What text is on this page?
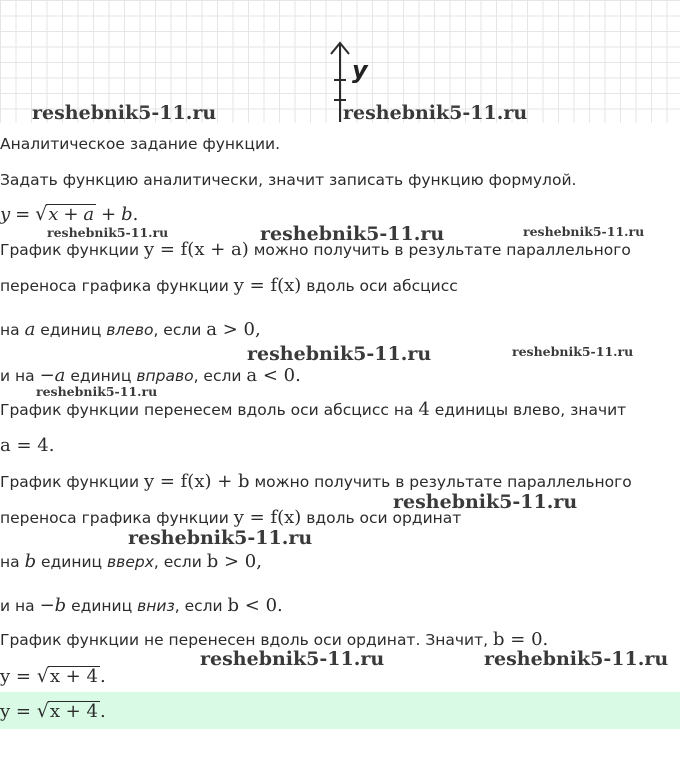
y
Аналитическое задание функции.
Задать функцию аналитически, значит записать функцию формулой.
y = √x + a + b.
График функции y = f(x + a) можно получить в результате параллельного
переноса графика функции y = f(x) вдоль оси абсцисс
на a единиц влево, если a > 0,
и на −a единиц вправо, если a < 0.
График функции перенесем вдоль оси абсцисс на 4 единицы влево, значит
a = 4.
График функции y = f(x) + b можно получить в результате параллельного
переноса графика функции y = f(x) вдоль оси ординат
на b единиц вверх, если b > 0,
и на −b единиц вниз, если b < 0.
График функции не перенесен вдоль оси ординат. Значит, b = 0.
y = √x + 4 .
y = √x + 4 .
reshebnik5-11.ru	reshebnik5-11.ru
reshebnik5-11.ru	reshebnik5-11.ru	reshebnik5-11.ru
reshebnik5-11.ru	reshebnik5-11.ru
reshebnik5-11.ru
reshebnik5-11.ru
reshebnik5-11.ru
reshebnik5-11.ru	reshebnik5-11.ru
